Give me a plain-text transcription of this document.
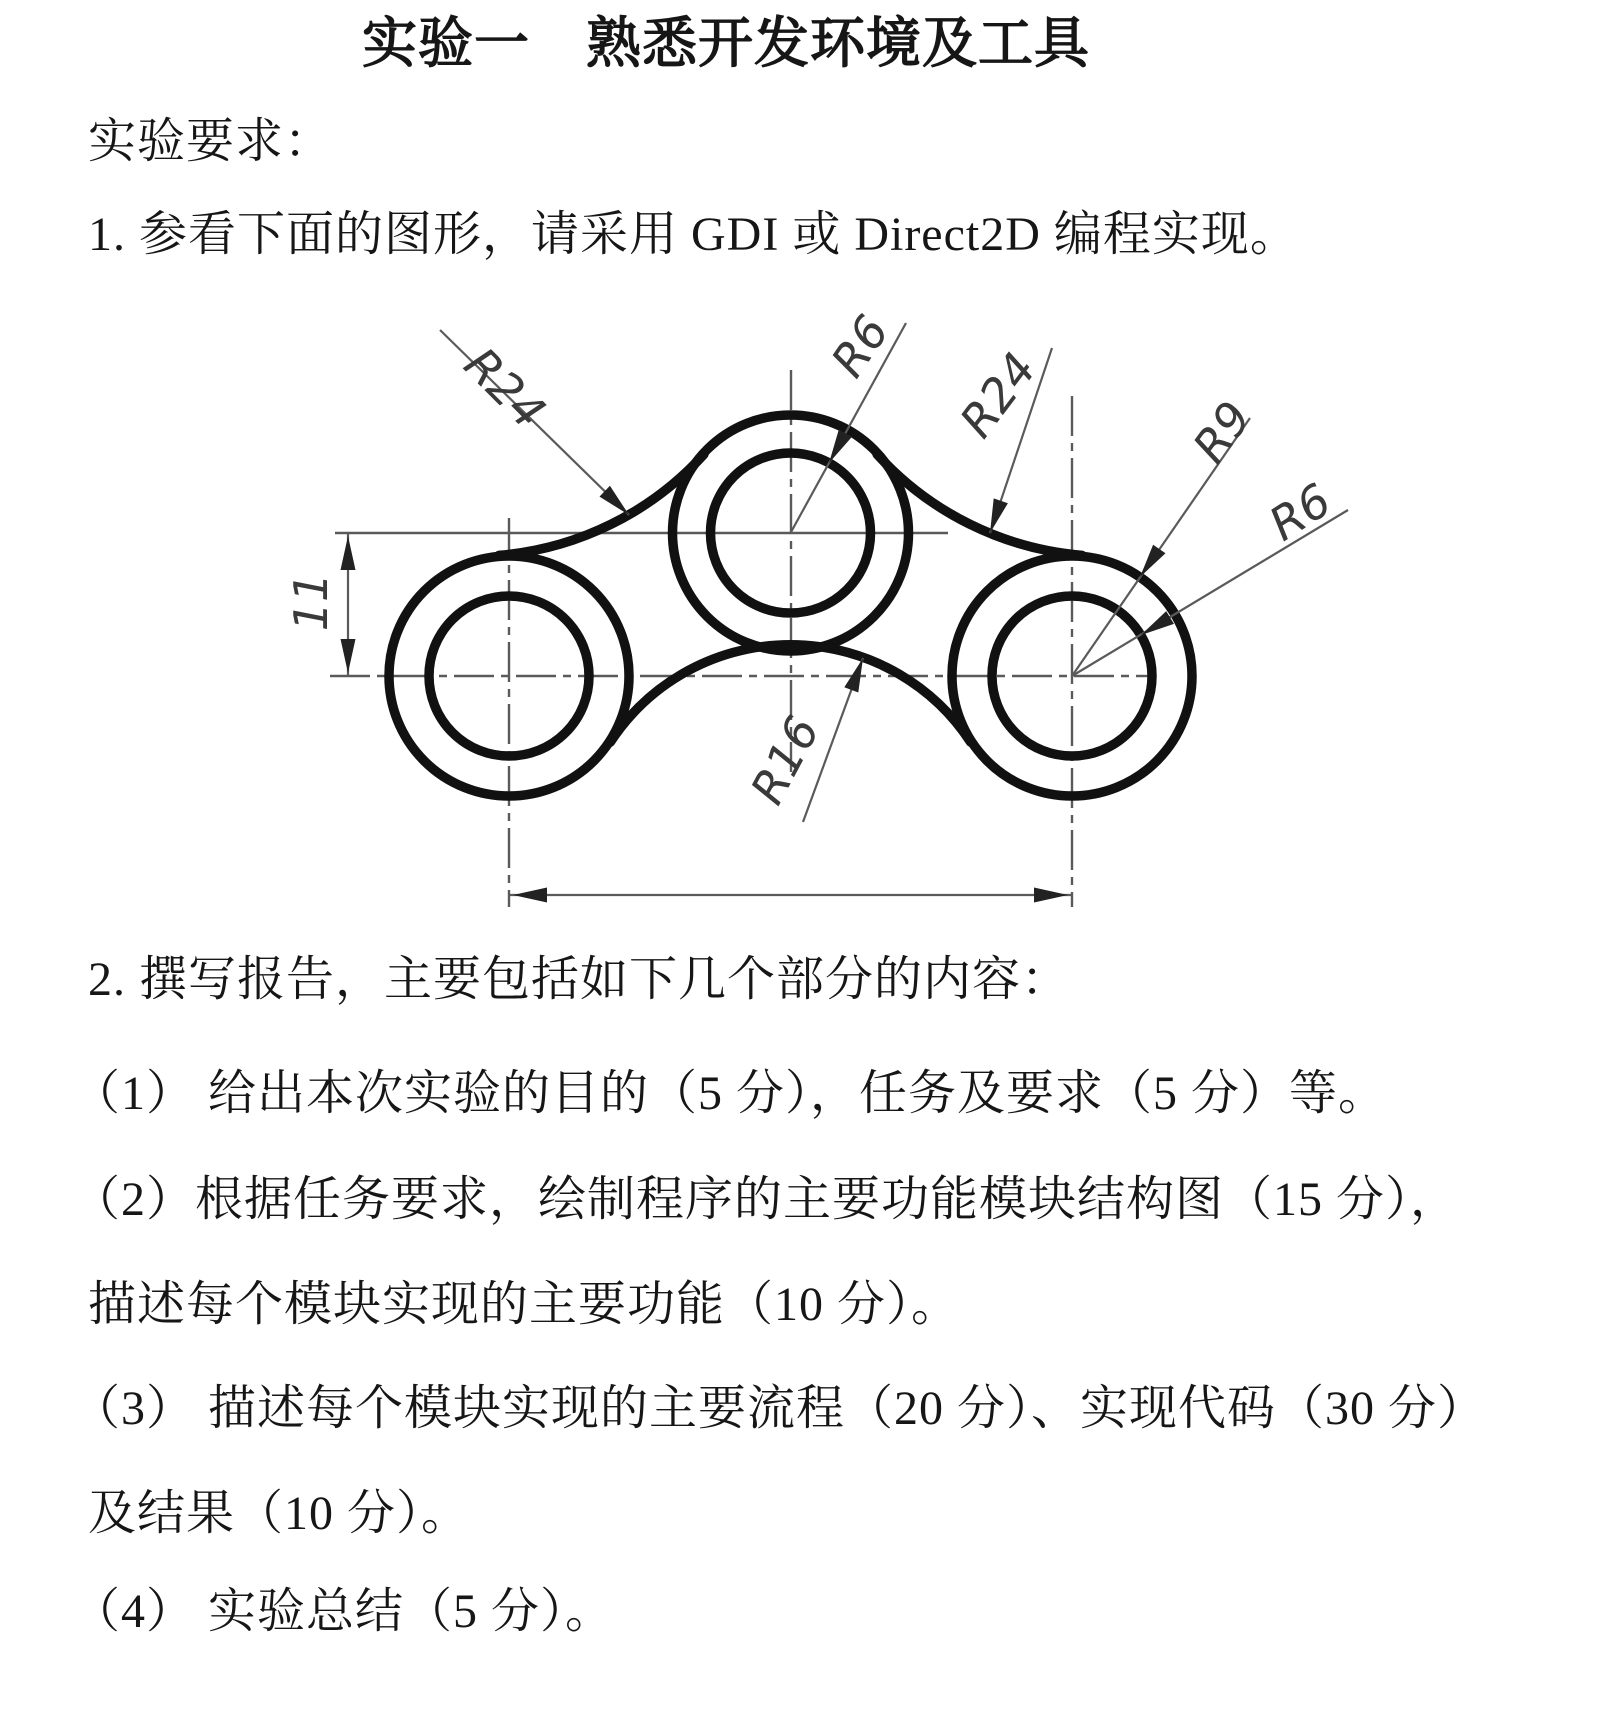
实验一　熟悉开发环境及工具
实验要求：
1. 参看下面的图形，请采用 GDI 或 Direct2D 编程实现。
2. 撰写报告，主要包括如下几个部分的内容：
（1） 给出本次实验的目的（5 分），任务及要求（5 分）等。
（2）根据任务要求，绘制程序的主要功能模块结构图（15 分），
描述每个模块实现的主要功能（10 分）。
（3） 描述每个模块实现的主要流程（20 分）、实现代码（30 分）
及结果（10 分）。
（4） 实验总结（5 分）。
R24	R6 R24	R9
R6
R16
11
